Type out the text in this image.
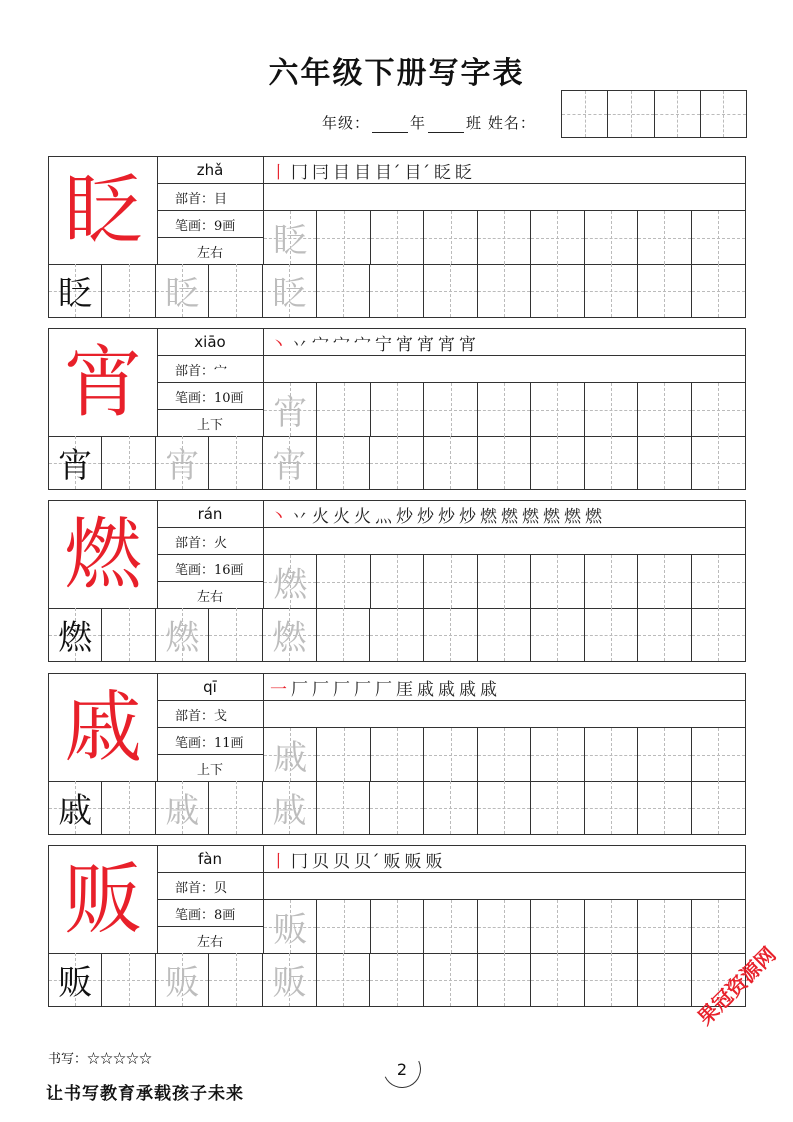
六年级下册写字表
年级：	年	班 姓名：
眨	zhǎ
部首：目
笔画：9画
左右
丨 冂 冃 目 目 目´ 目ˊ 眨 眨
眨
眨 眨 眨
宵	xiāo
部首：宀
笔画：10画
上下
丶 丷 宀 宀 宀 宁 宵 宵 宵 宵
宵
宵 宵 宵
燃	rán
部首：火
笔画：16画
左右
丶 丷 火 火 火 灬 炒 炒 炒 炒 燃 燃 燃 燃 燃 燃
燃
燃 燃 燃
戚	qī
部首：戈
笔画：11画
上下
一 厂 厂 厂 厂 厂 厓 戚 戚 戚 戚
戚
戚 戚 戚
贩	fàn
部首：贝
笔画：8画
左右
丨 冂 贝 贝 贝´ 贩 贩 贩
贩
贩 贩 贩
书写：☆☆☆☆☆	2
让书写教育承载孩子未来
果冠资源网
